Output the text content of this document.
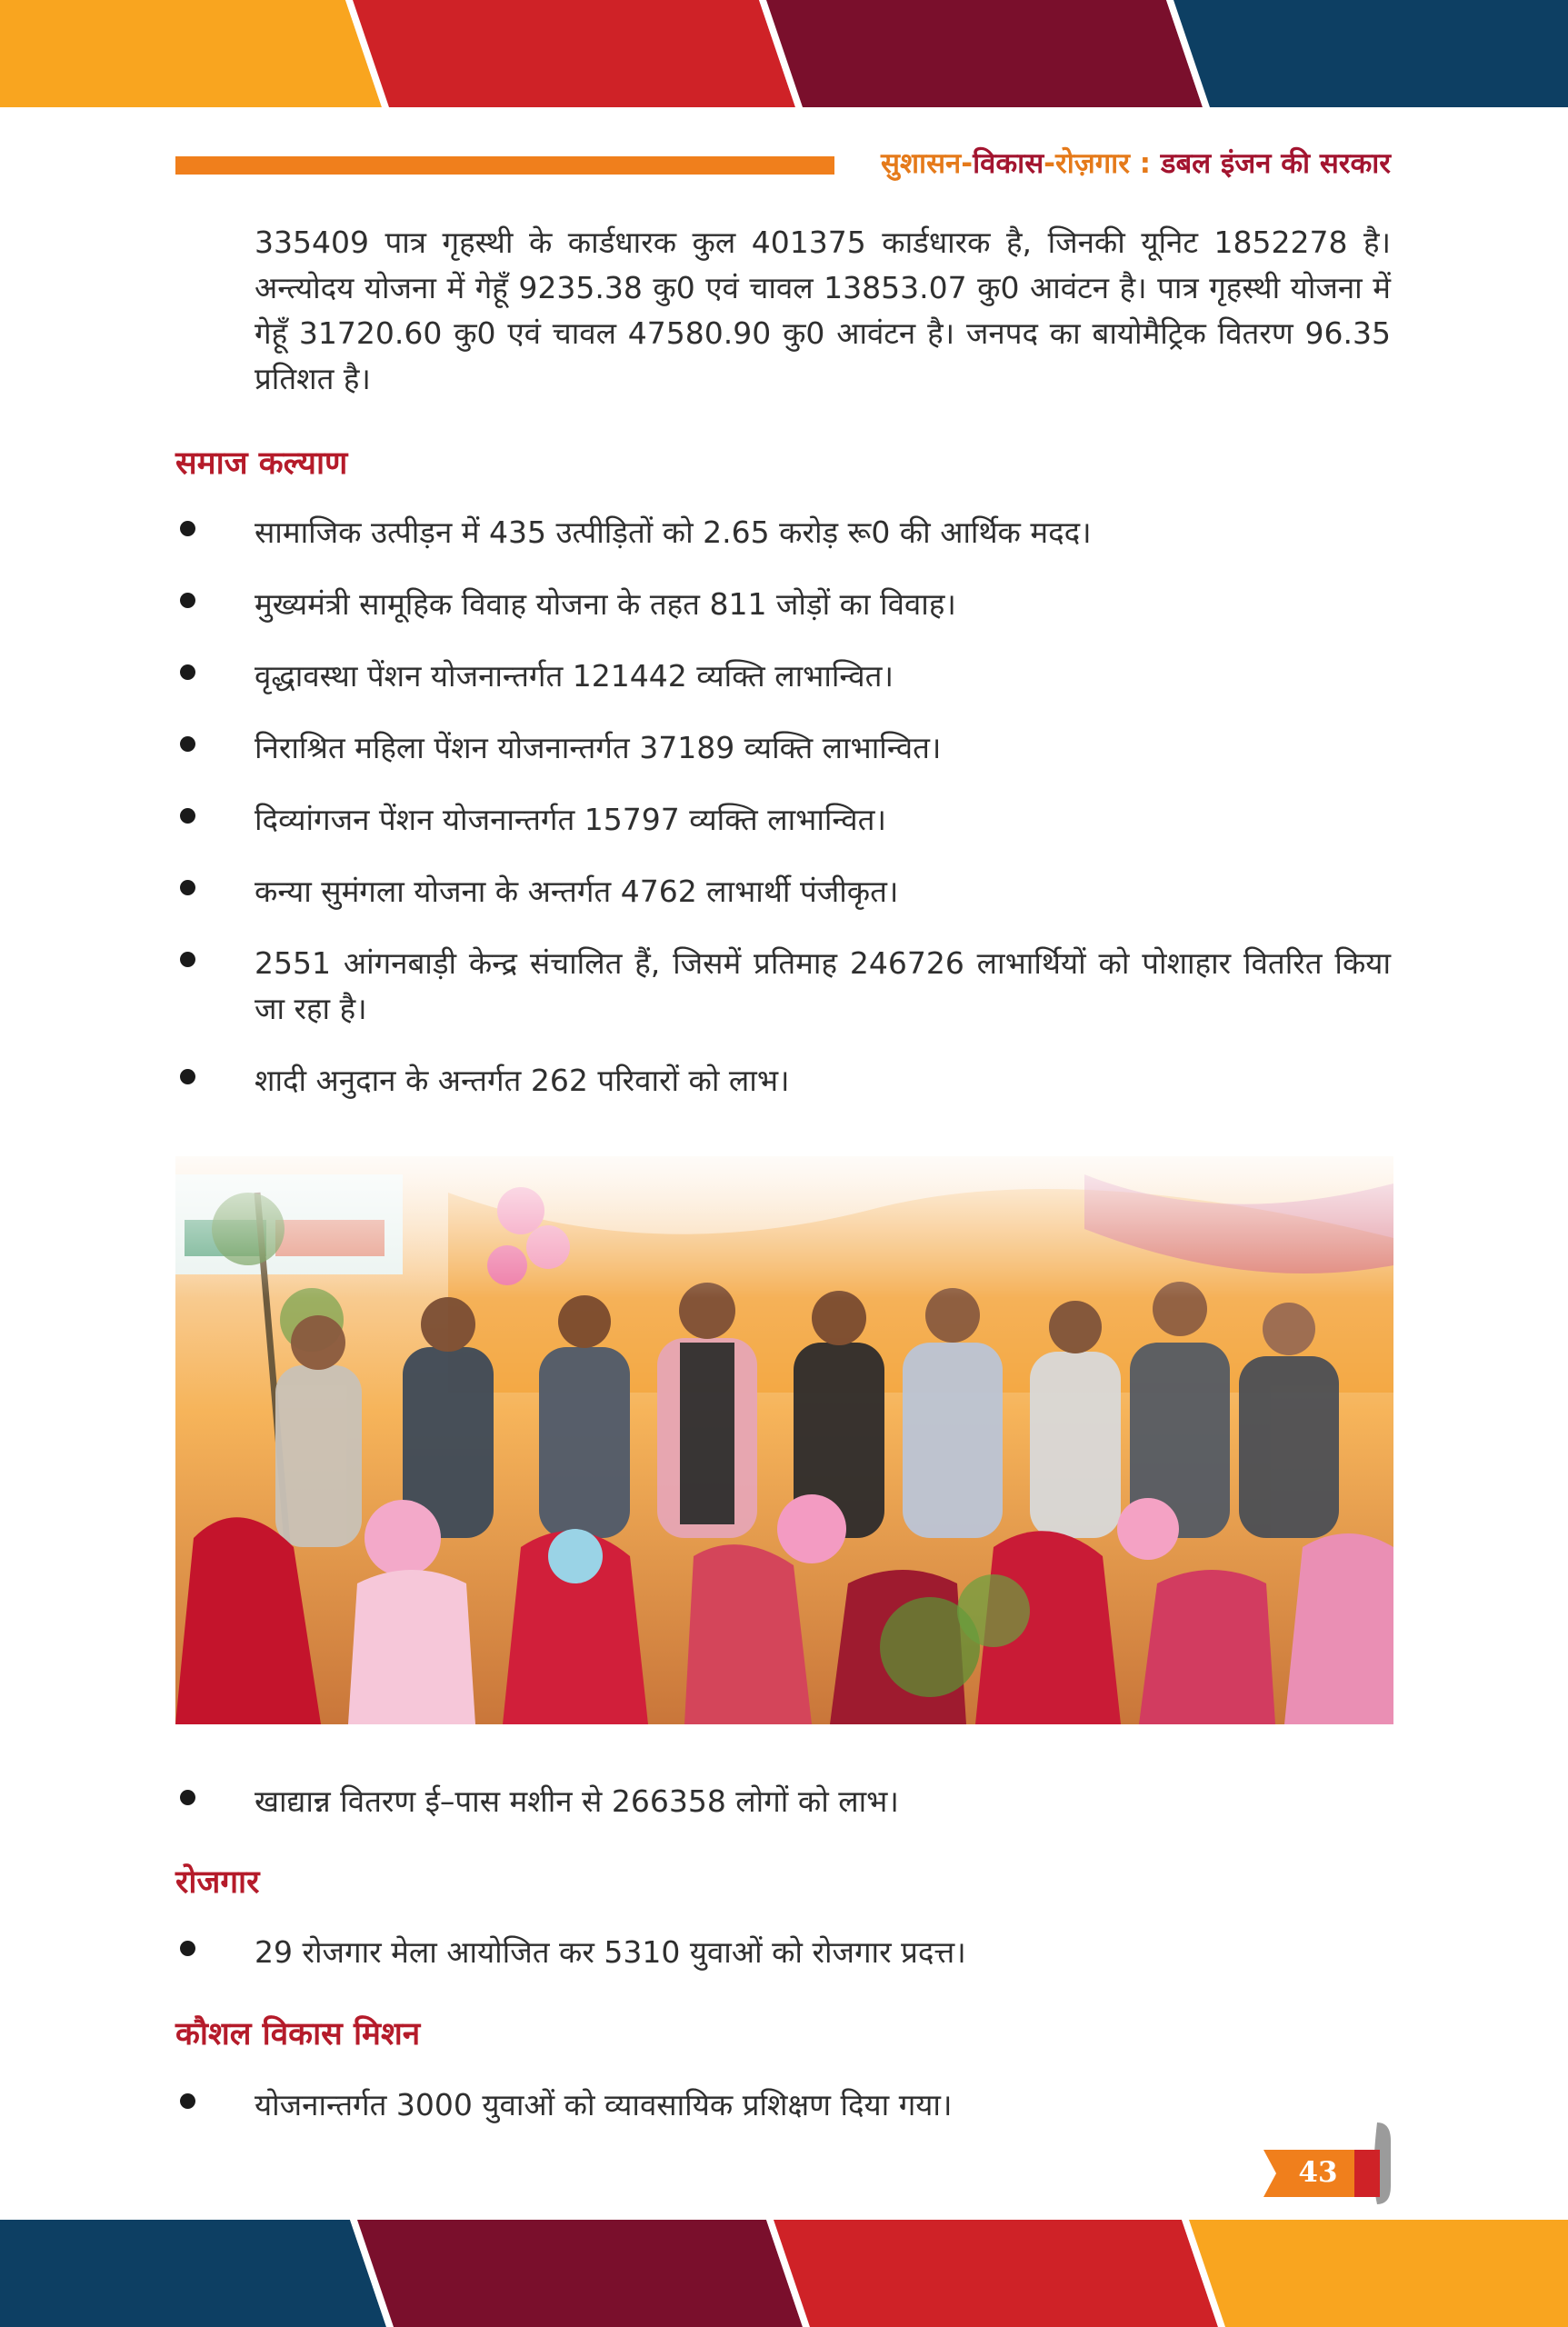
सुशासन-विकास-रोज़गार : डबल इंजन की सरकार
335409 पात्र गृहस्थी के कार्डधारक कुल 401375 कार्डधारक है, जिनकी यूनिट 1852278 है। अन्त्योदय योजना में गेहूँ 9235.38 कु0 एवं चावल 13853.07 कु0 आवंटन है। पात्र गृहस्थी योजना में गेहूँ 31720.60 कु0 एवं चावल 47580.90 कु0 आवंटन है। जनपद का बायोमैट्रिक वितरण 96.35 प्रतिशत है।
समाज कल्याण
सामाजिक उत्पीड़न में 435 उत्पीड़ितों को 2.65 करोड़ रू0 की आर्थिक मदद।
मुख्यमंत्री सामूहिक विवाह योजना के तहत 811 जोड़ों का विवाह।
वृद्धावस्था पेंशन योजनान्तर्गत 121442 व्यक्ति लाभान्वित।
निराश्रित महिला पेंशन योजनान्तर्गत 37189 व्यक्ति लाभान्वित।
दिव्यांगजन पेंशन योजनान्तर्गत 15797 व्यक्ति लाभान्वित।
कन्या सुमंगला योजना के अन्तर्गत 4762 लाभार्थी पंजीकृत।
2551 आंगनबाड़ी केन्द्र संचालित हैं, जिसमें प्रतिमाह 246726 लाभार्थियों को पोशाहार वितरित किया जा रहा है।
शादी अनुदान के अन्तर्गत 262 परिवारों को लाभ।
खाद्यान्न वितरण ई–पास मशीन से 266358 लोगों को लाभ।
रोजगार
29 रोजगार मेला आयोजित कर 5310 युवाओं को रोजगार प्रदत्त।
कौशल विकास मिशन
योजनान्तर्गत 3000 युवाओं को व्यावसायिक प्रशिक्षण दिया गया।
43
